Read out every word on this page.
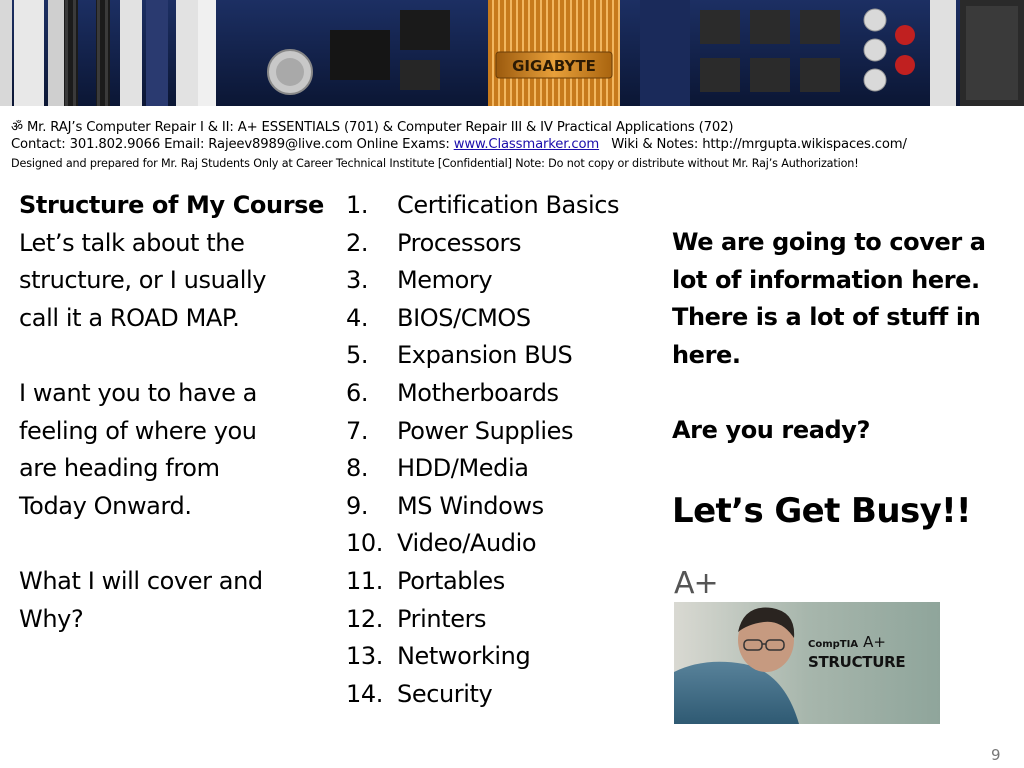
GIGABYTE
ॐ Mr. RAJ’s Computer Repair I & II: A+ ESSENTIALS (701) & Computer Repair III & IV Practical Applications (702)
Contact: 301.802.9066 Email: Rajeev8989@live.com Online Exams: www.Classmarker.com   Wiki & Notes: http://mrgupta.wikispaces.com/
Designed and prepared for Mr. Raj Students Only at Career Technical Institute [Confidential] Note: Do not copy or distribute without Mr. Raj’s Authorization!
Structure of My Course
Let’s talk about the
structure, or I usually
call it a ROAD MAP.
I want you to have a
feeling of where you
are heading from
Today Onward.
What I will cover and
Why?
1.	Certification Basics
2.	Processors
3.	Memory
4.	BIOS/CMOS
5.	Expansion BUS
6.	Motherboards
7.	Power Supplies
8.	HDD/Media
9.	MS Windows
10. Video/Audio
11. Portables
12. Printers
13. Networking
14. Security
We are going to cover a
lot of information here.
There is a lot of stuff in
here.
Are you ready?
Let’s Get Busy!!
A+
CompTIA A+
STRUCTURE
9
